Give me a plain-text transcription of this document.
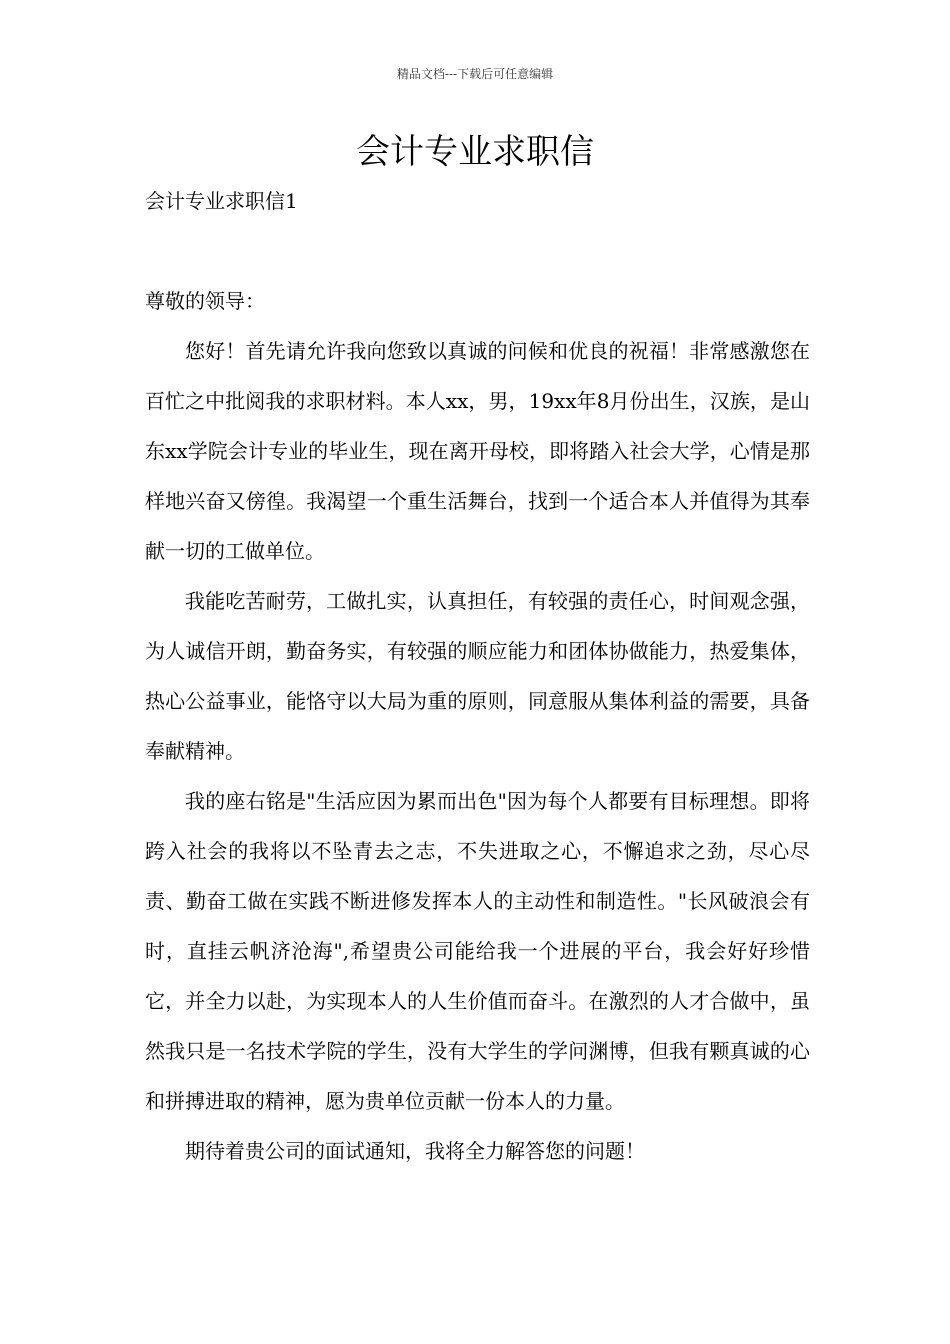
精品文档---下载后可任意编辑
会计专业求职信

会计专业求职信1

尊敬的领导：

您好！首先请允许我向您致以真诚的问候和优良的祝福！非常感激您在百忙之中批阅我的求职材料。本人xx，男，19xx年8月份出生，汉族，是山东xx学院会计专业的毕业生，现在离开母校，即将踏入社会大学，心情是那样地兴奋又傍徨。我渴望一个重生活舞台，找到一个适合本人并值得为其奉献一切的工做单位。

我能吃苦耐劳，工做扎实，认真担任，有较强的责任心，时间观念强，为人诚信开朗，勤奋务实，有较强的顺应能力和团体协做能力，热爱集体，热心公益事业，能恪守以大局为重的原则，同意服从集体利益的需要，具备奉献精神。

我的座右铭是"生活应因为累而出色"因为每个人都要有目标理想。即将跨入社会的我将以不坠青去之志，不失进取之心，不懈追求之劲，尽心尽责、勤奋工做在实践不断进修发挥本人的主动性和制造性。"长风破浪会有时，直挂云帆济沧海",希望贵公司能给我一个进展的平台，我会好好珍惜它，并全力以赴，为实现本人的人生价值而奋斗。在激烈的人才合做中，虽然我只是一名技术学院的学生，没有大学生的学问渊博，但我有颗真诚的心和拼搏进取的精神，愿为贵单位贡献一份本人的力量。

期待着贵公司的面试通知，我将全力解答您的问题！
